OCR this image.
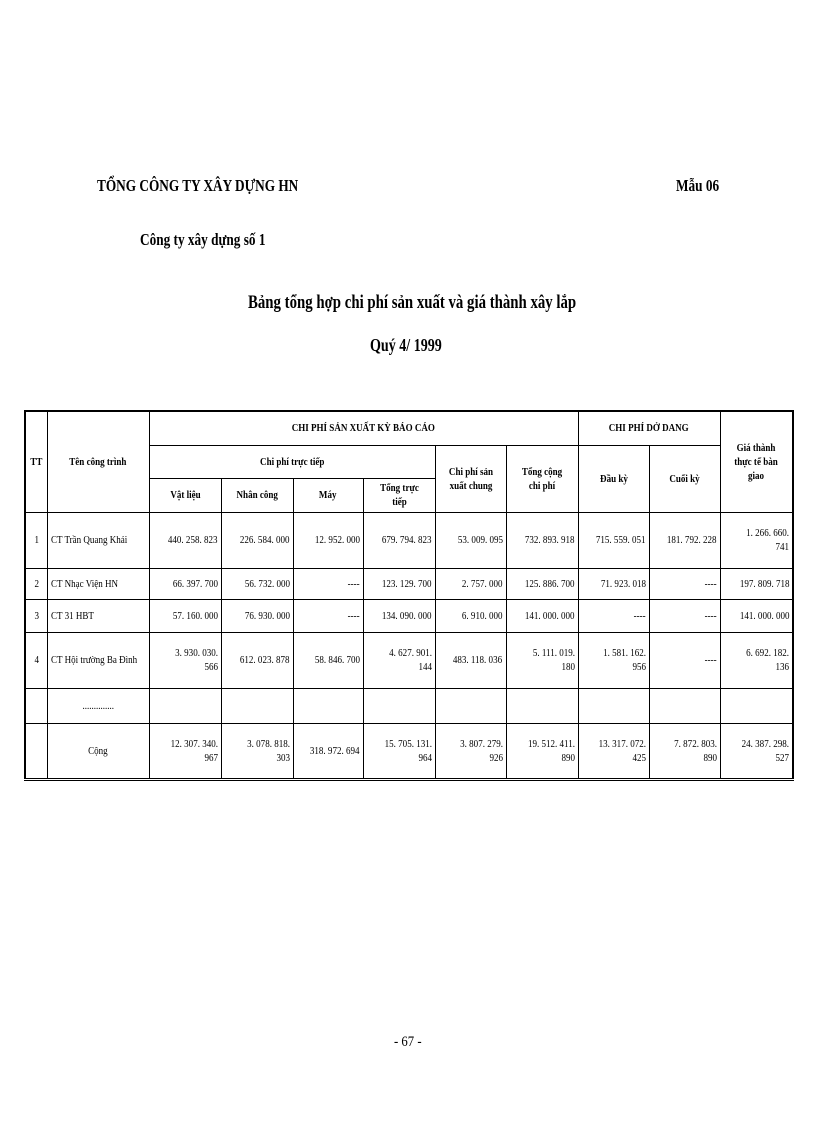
TỔNG CÔNG TY XÂY DỰNG HN	Mẫu 06
Công ty xây dựng số 1
Bảng tổng hợp chi phí sản xuất và giá thành xây lắp
Quý 4/ 1999
TT	Tên công trình	CHI PHÍ SẢN XUẤT KỲ BÁO CÁO						CHI PHÍ DỞ DANG		Giá thành thực tế bàn giao
		Chi phí trực tiếp				Chi phí sản xuất chung	Tổng cộng chi phí	Đầu kỳ	Cuối kỳ	
		Vật liệu	Nhân công	Máy	Tổng trực tiếp					
1	CT Trần Quang Khải	440. 258. 823	226. 584. 000	12. 952. 000	679. 794. 823	53. 009. 095	732. 893. 918	715. 559. 051	181. 792. 228	1. 266. 660. 741
2	CT Nhạc Viện HN	66. 397. 700	56. 732. 000	----	123. 129. 700	2. 757. 000	125. 886. 700	71. 923. 018	----	197. 809. 718
3	CT 31 HBT	57. 160. 000	76. 930. 000	----	134. 090. 000	6. 910. 000	141. 000. 000	----	----	141. 000. 000
4	CT Hội trường Ba Đình	3. 930. 030. 566	612. 023. 878	58. 846. 700	4. 627. 901. 144	483. 118. 036	5. 111. 019. 180	1. 581. 162. 956	----	6. 692. 182. 136
	..............									
	Cộng	12. 307. 340. 967	3. 078. 818. 303	318. 972. 694	15. 705. 131. 964	3. 807. 279. 926	19. 512. 411. 890	13. 317. 072. 425	7. 872. 803. 890	24. 387. 298. 527
- 67 -
